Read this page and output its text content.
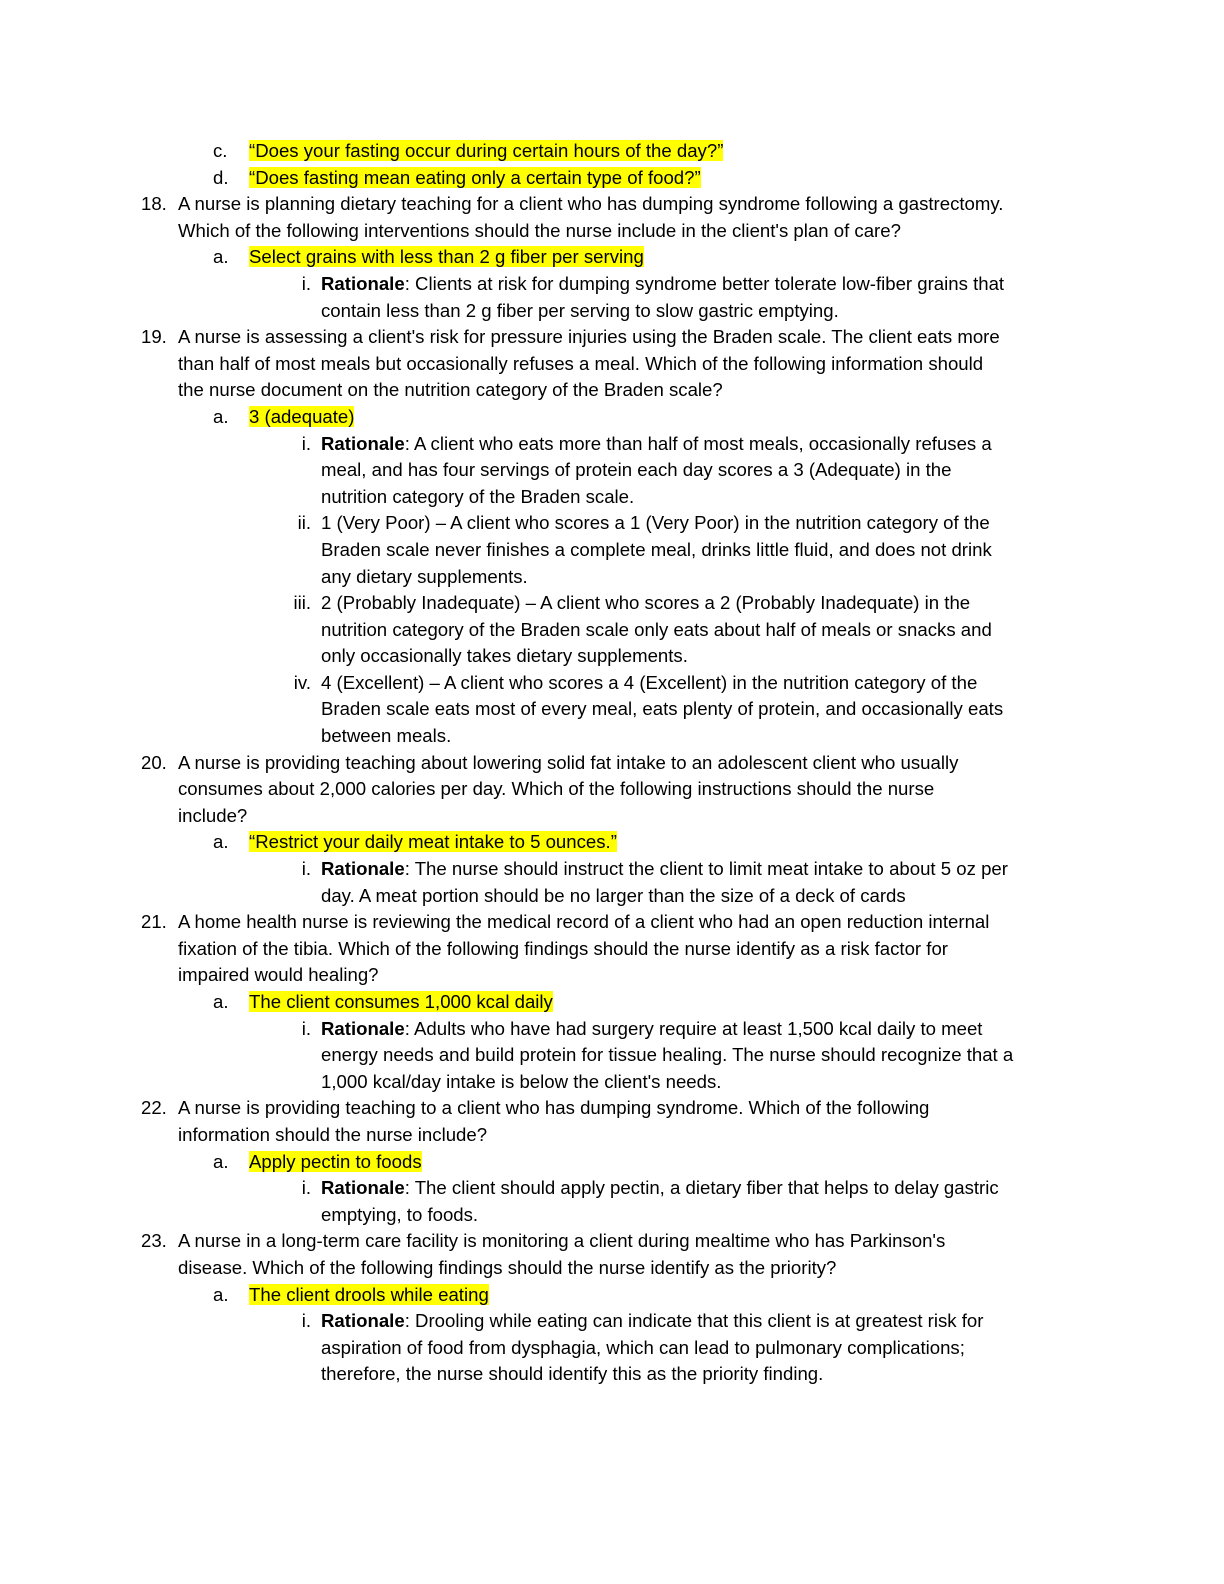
c. “Does your fasting occur during certain hours of the day?”
d. “Does fasting mean eating only a certain type of food?”
18. A nurse is planning dietary teaching for a client who has dumping syndrome following a gastrectomy.
Which of the following interventions should the nurse include in the client's plan of care?
a. Select grains with less than 2 g fiber per serving
i. Rationale: Clients at risk for dumping syndrome better tolerate low-fiber grains that
contain less than 2 g fiber per serving to slow gastric emptying.
19. A nurse is assessing a client's risk for pressure injuries using the Braden scale. The client eats more
than half of most meals but occasionally refuses a meal. Which of the following information should
the nurse document on the nutrition category of the Braden scale?
a. 3 (adequate)
i. Rationale: A client who eats more than half of most meals, occasionally refuses a
meal, and has four servings of protein each day scores a 3 (Adequate) in the
nutrition category of the Braden scale.
ii. 1 (Very Poor) – A client who scores a 1 (Very Poor) in the nutrition category of the
Braden scale never finishes a complete meal, drinks little fluid, and does not drink
any dietary supplements.
iii. 2 (Probably Inadequate) – A client who scores a 2 (Probably Inadequate) in the
nutrition category of the Braden scale only eats about half of meals or snacks and
only occasionally takes dietary supplements.
iv. 4 (Excellent) – A client who scores a 4 (Excellent) in the nutrition category of the
Braden scale eats most of every meal, eats plenty of protein, and occasionally eats
between meals.
20. A nurse is providing teaching about lowering solid fat intake to an adolescent client who usually
consumes about 2,000 calories per day. Which of the following instructions should the nurse
include?
a. “Restrict your daily meat intake to 5 ounces.”
i. Rationale: The nurse should instruct the client to limit meat intake to about 5 oz per
day. A meat portion should be no larger than the size of a deck of cards
21. A home health nurse is reviewing the medical record of a client who had an open reduction internal
fixation of the tibia. Which of the following findings should the nurse identify as a risk factor for
impaired would healing?
a. The client consumes 1,000 kcal daily
i. Rationale: Adults who have had surgery require at least 1,500 kcal daily to meet
energy needs and build protein for tissue healing. The nurse should recognize that a
1,000 kcal/day intake is below the client's needs.
22. A nurse is providing teaching to a client who has dumping syndrome. Which of the following
information should the nurse include?
a. Apply pectin to foods
i. Rationale: The client should apply pectin, a dietary fiber that helps to delay gastric
emptying, to foods.
23. A nurse in a long-term care facility is monitoring a client during mealtime who has Parkinson's
disease. Which of the following findings should the nurse identify as the priority?
a. The client drools while eating
i. Rationale: Drooling while eating can indicate that this client is at greatest risk for
aspiration of food from dysphagia, which can lead to pulmonary complications;
therefore, the nurse should identify this as the priority finding.
